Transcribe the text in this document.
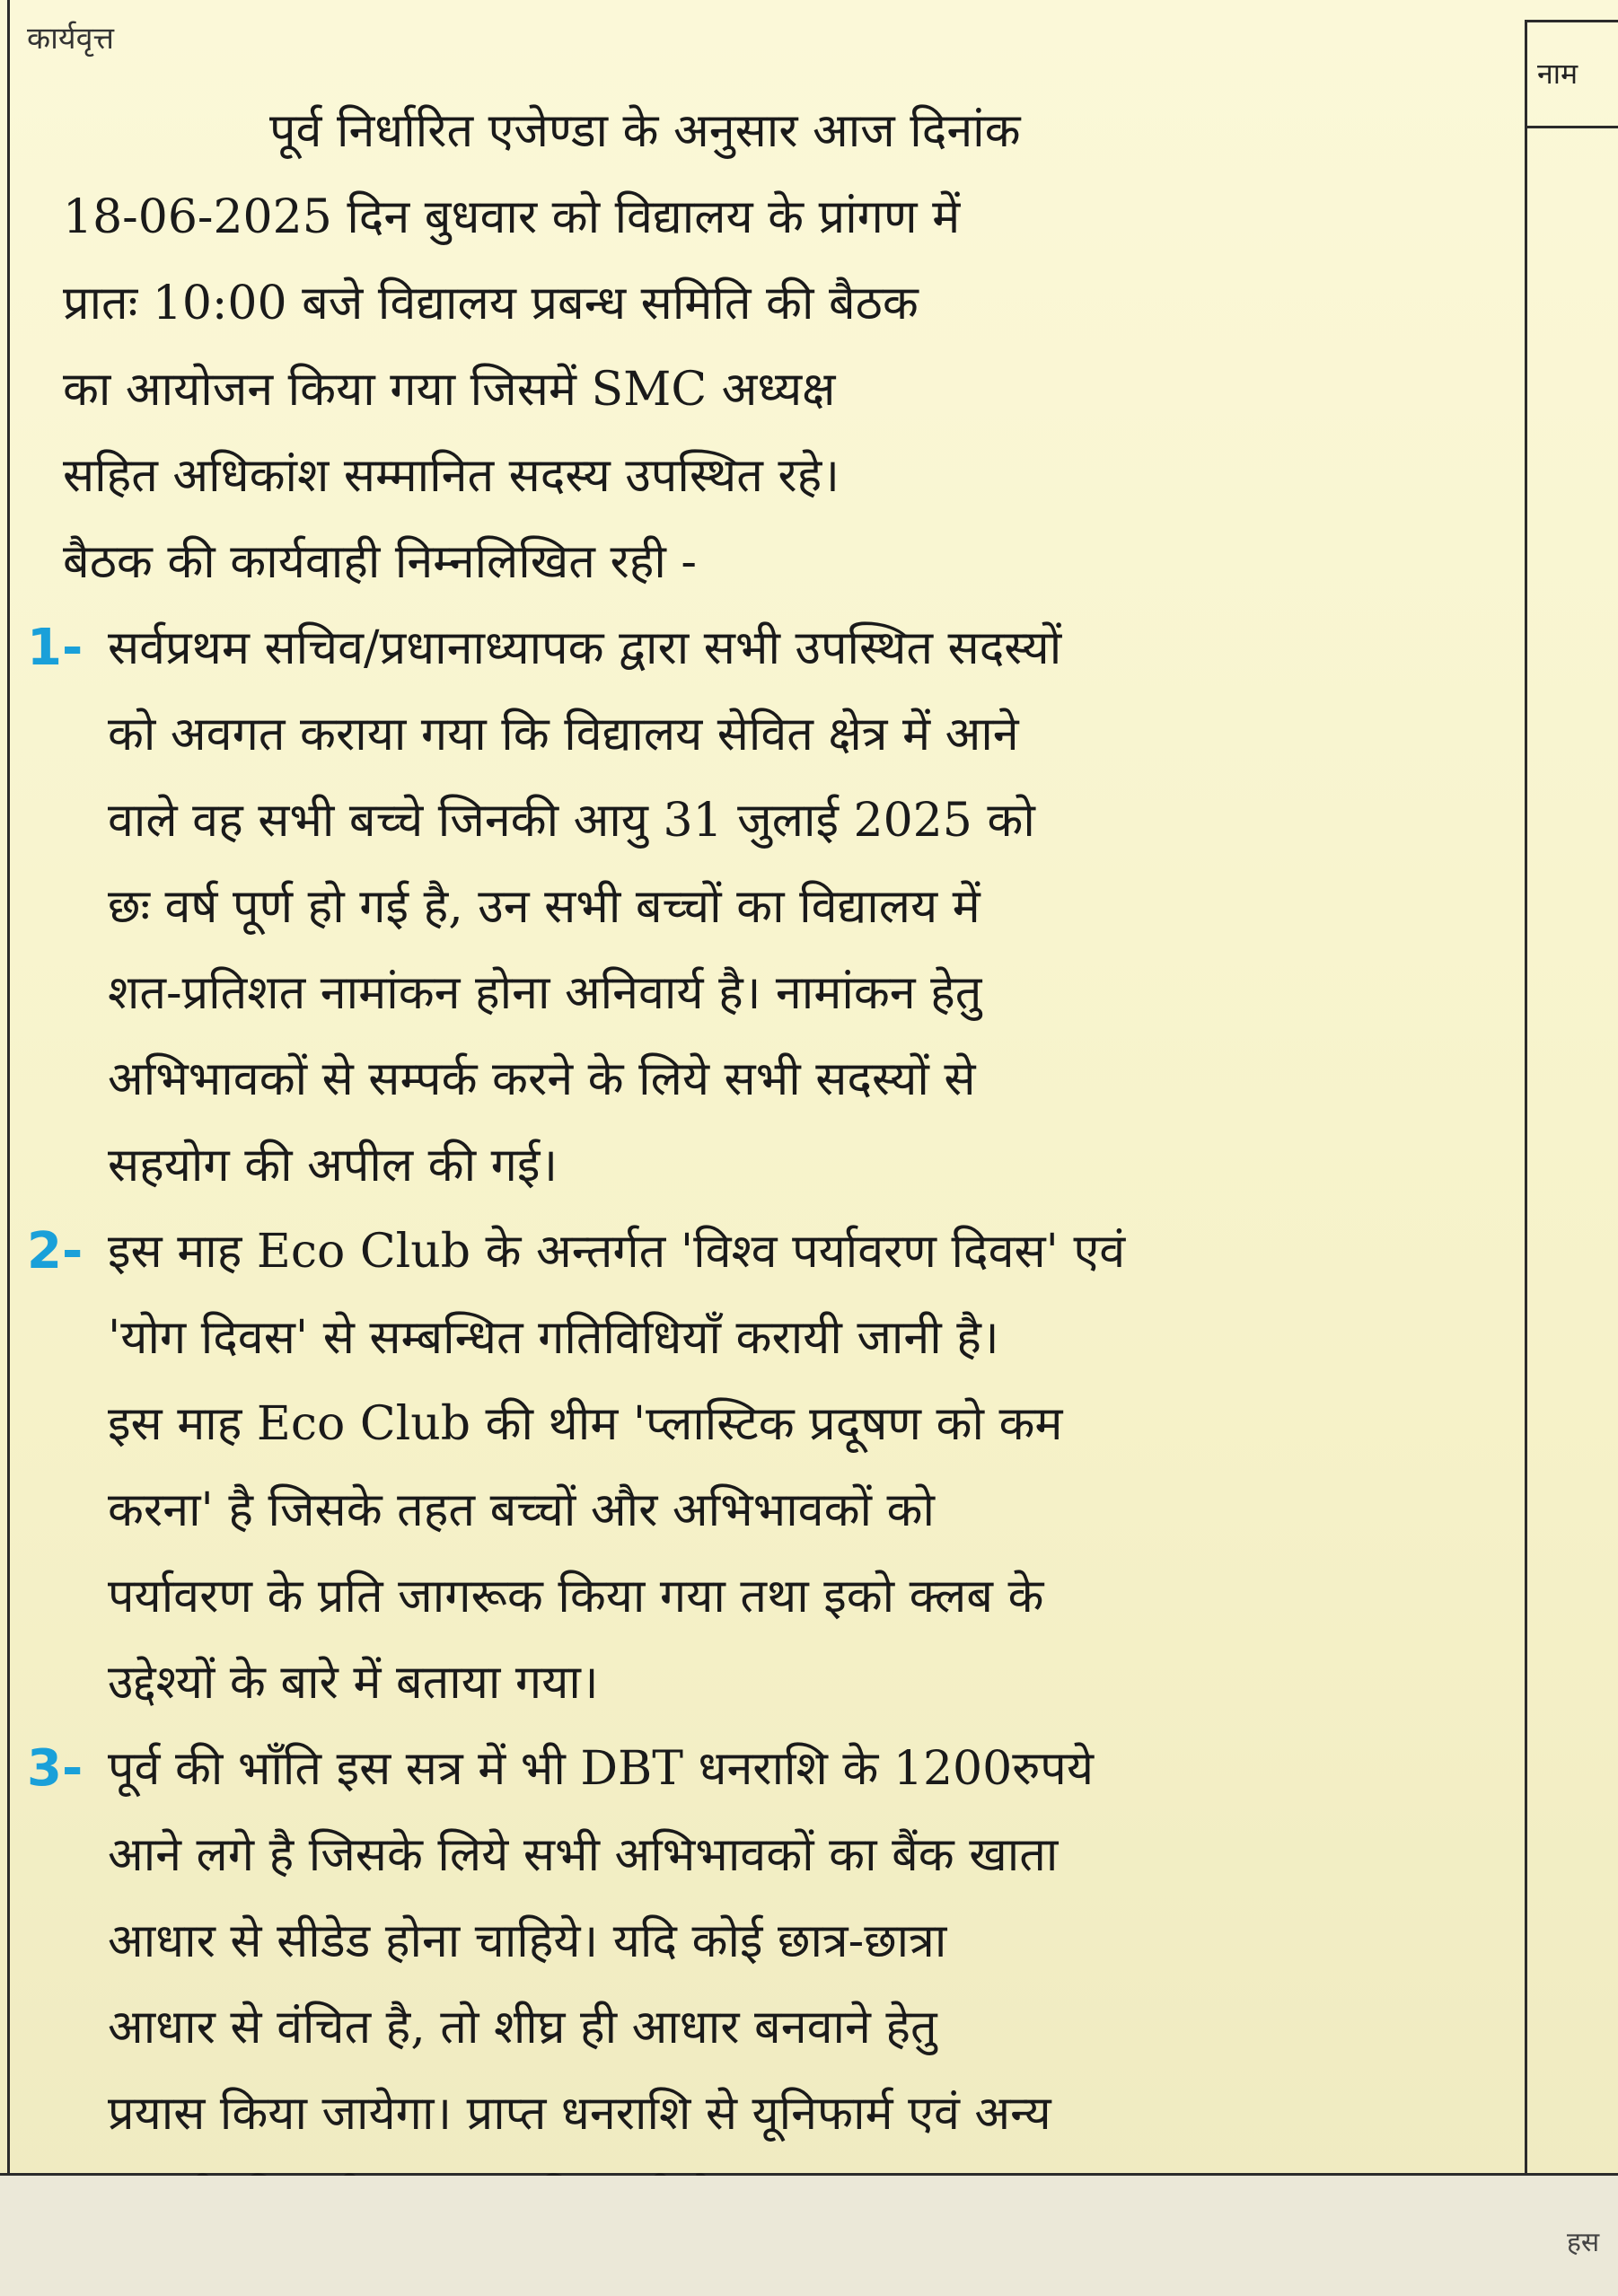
कार्यवृत्त
नाम
पूर्व निर्धारित एजेण्डा के अनुसार आज दिनांक
18-06-2025 दिन बुधवार को विद्यालय के प्रांगण में
प्रातः 10:00 बजे विद्यालय प्रबन्ध समिति की बैठक
का आयोजन किया गया जिसमें SMC अध्यक्ष
सहित अधिकांश सम्मानित सदस्य उपस्थित रहे।
बैठक की कार्यवाही निम्नलिखित रही -
1- सर्वप्रथम सचिव/प्रधानाध्यापक द्वारा सभी उपस्थित सदस्यों
को अवगत कराया गया कि विद्यालय सेवित क्षेत्र में आने
वाले वह सभी बच्चे जिनकी आयु 31 जुलाई 2025 को
छः वर्ष पूर्ण हो गई है, उन सभी बच्चों का विद्यालय में
शत-प्रतिशत नामांकन होना अनिवार्य है। नामांकन हेतु
अभिभावकों से सम्पर्क करने के लिये सभी सदस्यों से
सहयोग की अपील की गई।
2- इस माह Eco Club के अन्तर्गत 'विश्व पर्यावरण दिवस' एवं
'योग दिवस' से सम्बन्धित गतिविधियाँ करायी जानी है।
इस माह Eco Club की थीम 'प्लास्टिक प्रदूषण को कम
करना' है जिसके तहत बच्चों और अभिभावकों को
पर्यावरण के प्रति जागरूक किया गया तथा इको क्लब के
उद्देश्यों के बारे में बताया गया।
3- पूर्व की भाँति इस सत्र में भी DBT धनराशि के 1200रुपये
आने लगे है जिसके लिये सभी अभिभावकों का बैंक खाता
आधार से सीडेड होना चाहिये। यदि कोई छात्र-छात्रा
आधार से वंचित है, तो शीघ्र ही आधार बनवाने हेतु
प्रयास किया जायेगा। प्राप्त धनराशि से यूनिफार्म एवं अन्य
हस
